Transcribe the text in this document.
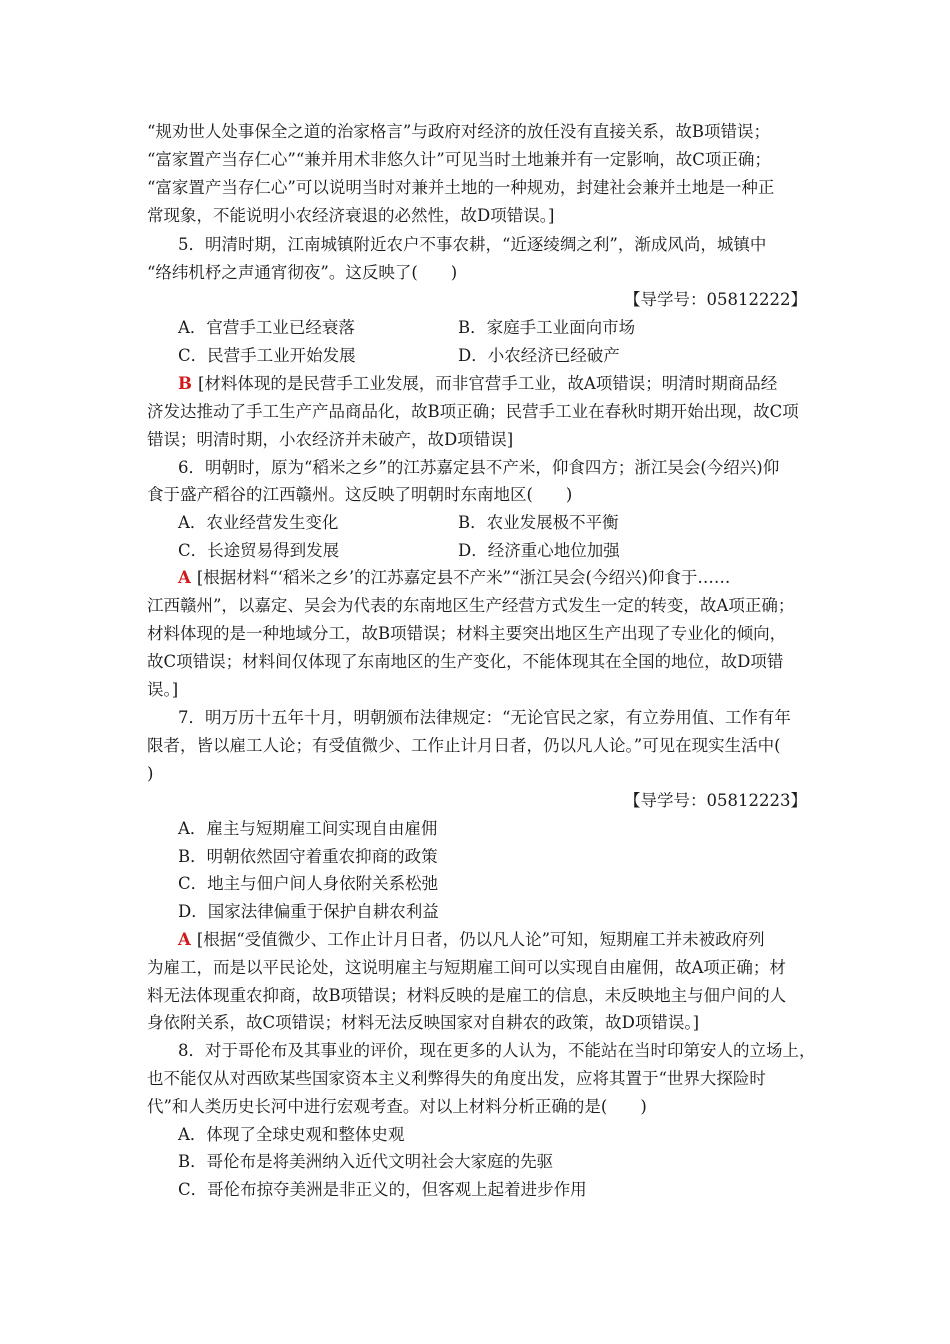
“规劝世人处事保全之道的治家格言”与政府对经济的放任没有直接关系，故B项错误；
“富家置产当存仁心”“兼并用术非悠久计”可见当时土地兼并有一定影响，故C项正确；
“富家置产当存仁心”可以说明当时对兼并土地的一种规劝，封建社会兼并土地是一种正
常现象，不能说明小农经济衰退的必然性，故D项错误。]
5．明清时期，江南城镇附近农户不事农耕，“近逐绫绸之利”，渐成风尚，城镇中
“络纬机杼之声通宵彻夜”。这反映了(　　)
【导学号：05812222】
A．官营手工业已经衰落	B．家庭手工业面向市场
C．民营手工业开始发展	D．小农经济已经破产
B [材料体现的是民营手工业发展，而非官营手工业，故A项错误；明清时期商品经
济发达推动了手工生产产品商品化，故B项正确；民营手工业在春秋时期开始出现，故C项
错误；明清时期，小农经济并未破产，故D项错误]
6．明朝时，原为“稻米之乡”的江苏嘉定县不产米，仰食四方；浙江吴会(今绍兴)仰
食于盛产稻谷的江西赣州。这反映了明朝时东南地区(　　)
A．农业经营发生变化	B．农业发展极不平衡
C．长途贸易得到发展	D．经济重心地位加强
A [根据材料“‘稻米之乡’的江苏嘉定县不产米”“浙江吴会(今绍兴)仰食于……
江西赣州”，以嘉定、吴会为代表的东南地区生产经营方式发生一定的转变，故A项正确；
材料体现的是一种地域分工，故B项错误；材料主要突出地区生产出现了专业化的倾向，
故C项错误；材料间仅体现了东南地区的生产变化，不能体现其在全国的地位，故D项错
误。]
7．明万历十五年十月，明朝颁布法律规定：“无论官民之家，有立券用值、工作有年
限者，皆以雇工人论；有受值微少、工作止计月日者，仍以凡人论。”可见在现实生活中(
)
【导学号：05812223】
A．雇主与短期雇工间实现自由雇佣
B．明朝依然固守着重农抑商的政策
C．地主与佃户间人身依附关系松弛
D．国家法律偏重于保护自耕农利益
A [根据“受值微少、工作止计月日者，仍以凡人论”可知，短期雇工并未被政府列
为雇工，而是以平民论处，这说明雇主与短期雇工间可以实现自由雇佣，故A项正确；材
料无法体现重农抑商，故B项错误；材料反映的是雇工的信息，未反映地主与佃户间的人
身依附关系，故C项错误；材料无法反映国家对自耕农的政策，故D项错误。]
8．对于哥伦布及其事业的评价，现在更多的人认为，不能站在当时印第安人的立场上，
也不能仅从对西欧某些国家资本主义利弊得失的角度出发，应将其置于“世界大探险时
代”和人类历史长河中进行宏观考查。对以上材料分析正确的是(　　)
A．体现了全球史观和整体史观
B．哥伦布是将美洲纳入近代文明社会大家庭的先驱
C．哥伦布掠夺美洲是非正义的，但客观上起着进步作用
